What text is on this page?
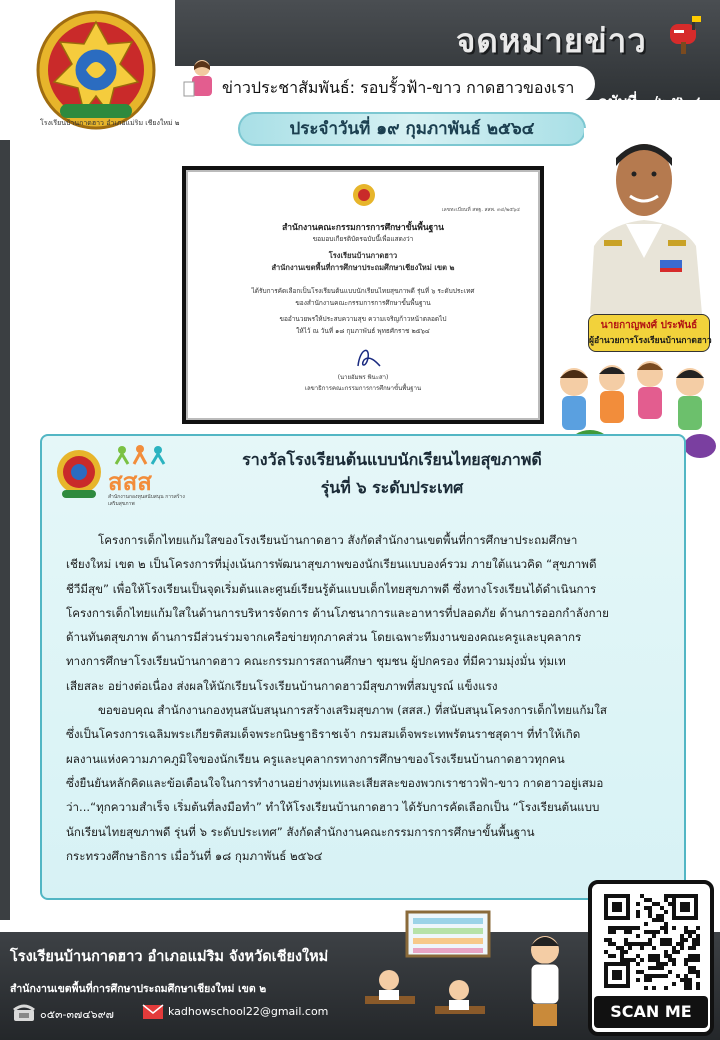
โรงเรียนบ้านกาดฮาว อำเภอแม่ริม เชียงใหม่ ๒
จดหมายข่าว
ข่าวประชาสัมพันธ์: รอบรั้วฟ้า-ขาว กาดฮาวของเรา
ฉบับที่ ๓/๒๕๖๔
ประจำวันที่ ๑๙ กุมภาพันธ์ ๒๕๖๔
เลขทะเบียนที่ สพฐ. สสพ. ๓๔/๒๕๖๔
สำนักงานคณะกรรมการการศึกษาขั้นพื้นฐาน
ขอมอบเกียรติบัตรฉบับนี้เพื่อแสดงว่า
โรงเรียนบ้านกาดฮาว
สำนักงานเขตพื้นที่การศึกษาประถมศึกษาเชียงใหม่ เขต ๒
ได้รับการคัดเลือกเป็นโรงเรียนต้นแบบนักเรียนไทยสุขภาพดี รุ่นที่ ๖ ระดับประเทศ
ของสำนักงานคณะกรรมการการศึกษาขั้นพื้นฐาน
ขออำนวยพรให้ประสบความสุข ความเจริญก้าวหน้าตลอดไป
ให้ไว้ ณ วันที่ ๑๘ กุมภาพันธ์ พุทธศักราช ๒๕๖๔
(นายอัมพร พินะสา)
เลขาธิการคณะกรรมการการศึกษาขั้นพื้นฐาน
นายกาญพงศ์ ประพันธ์
ผู้อำนวยการโรงเรียนบ้านกาดฮาว
สสส
สำนักงานกองทุนสนับสนุน การสร้างเสริมสุขภาพ
รางวัลโรงเรียนต้นแบบนักเรียนไทยสุขภาพดี
รุ่นที่ ๖ ระดับประเทศ

โครงการเด็กไทยแก้มใสของโรงเรียนบ้านกาดฮาว สังกัดสำนักงานเขตพื้นที่การศึกษาประถมศึกษา

เชียงใหม่ เขต ๒ เป็นโครงการที่มุ่งเน้นการพัฒนาสุขภาพของนักเรียนแบบองค์รวม ภายใต้แนวคิด “สุขภาพดี

ชีวีมีสุข” เพื่อให้โรงเรียนเป็นจุดเริ่มต้นและศูนย์เรียนรู้ต้นแบบเด็กไทยสุขภาพดี ซึ่งทางโรงเรียนได้ดำเนินการ

โครงการเด็กไทยแก้มใสในด้านการบริหารจัดการ ด้านโภชนาการและอาหารที่ปลอดภัย ด้านการออกกำลังกาย

ด้านทันตสุขภาพ ด้านการมีส่วนร่วมจากเครือข่ายทุกภาคส่วน โดยเฉพาะทีมงานของคณะครูและบุคลากร

ทางการศึกษาโรงเรียนบ้านกาดฮาว คณะกรรมการสถานศึกษา ชุมชน ผู้ปกครอง ที่มีความมุ่งมั่น ทุ่มเท

เสียสละ อย่างต่อเนื่อง ส่งผลให้นักเรียนโรงเรียนบ้านกาดฮาวมีสุขภาพที่สมบูรณ์ แข็งแรง

ขอขอบคุณ สำนักงานกองทุนสนับสนุนการสร้างเสริมสุขภาพ (สสส.) ที่สนับสนุนโครงการเด็กไทยแก้มใส

ซึ่งเป็นโครงการเฉลิมพระเกียรติสมเด็จพระกนิษฐาธิราชเจ้า กรมสมเด็จพระเทพรัตนราชสุดาฯ ที่ทำให้เกิด

ผลงานแห่งความภาคภูมิใจของนักเรียน ครูและบุคลากรทางการศึกษาของโรงเรียนบ้านกาดฮาวทุกคน

ซึ่งยืนยันหลักคิดและข้อเตือนใจในการทำงานอย่างทุ่มเทและเสียสละของพวกเราชาวฟ้า-ขาว กาดฮาวอยู่เสมอ

ว่า...“ทุกความสำเร็จ เริ่มต้นที่ลงมือทำ” ทำให้โรงเรียนบ้านกาดฮาว ได้รับการคัดเลือกเป็น “โรงเรียนต้นแบบ

นักเรียนไทยสุขภาพดี รุ่นที่ ๖ ระดับประเทศ” สังกัดสำนักงานคณะกรรมการการศึกษาขั้นพื้นฐาน

กระทรวงศึกษาธิการ เมื่อวันที่ ๑๘ กุมภาพันธ์ ๒๕๖๔

โรงเรียนบ้านกาดฮาว อำเภอแม่ริม จังหวัดเชียงใหม่
สำนักงานเขตพื้นที่การศึกษาประถมศึกษาเชียงใหม่ เขต ๒
๐๕๓-๓๗๔๖๙๗	kadhowschool22@gmail.com	SCAN ME
